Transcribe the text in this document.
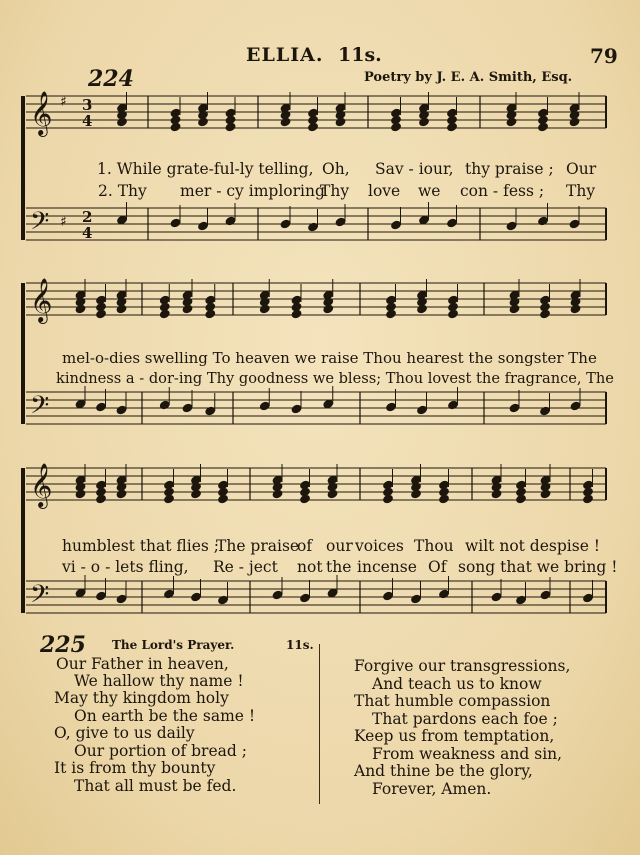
ELLIA. 11s.	79
224	Poetry by J. E. A. Smith, Esq.
𝄞
𝄢
𝄞
𝄢
𝄞
𝄢
3
4
2
4
♯
♯
1. While grate-ful-ly telling, Oh, Sav - iour, thy praise ; Our
2. Thy mer - cy imploring
Thy love we con - fess ; Thy
mel-o-dies swelling To heaven we raise Thou hearest the songster The
kindness a - dor-ing Thy goodness we bless; Thou lovest the fragrance, The
humblest that flies ;
The praise
of our voices Thou wilt not despise !
vi - o - lets fling, Re - ject not the incense Of song that we bring !
225 The Lord's Prayer.	11s.
Our Father in heaven,
We hallow thy name !
May thy kingdom holy
On earth be the same !
O, give to us daily
Our portion of bread ;
It is from thy bounty
That all must be fed.
Forgive our transgressions,
And teach us to know
That humble compassion
That pardons each foe ;
Keep us from temptation,
From weakness and sin,
And thine be the glory,
Forever, Amen.
